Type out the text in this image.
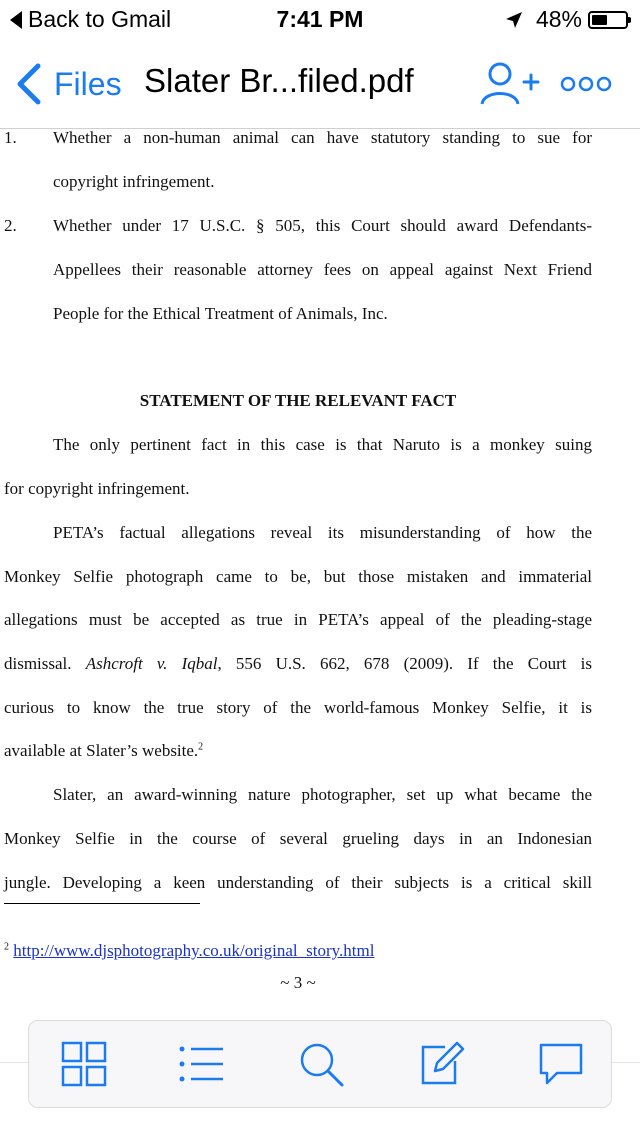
Back to Gmail	7:41 PM	48%
Files Slater Br...filed.pdf
1. Whether a non-human animal can have statutory standing to sue for
copyright infringement.
2. Whether under 17 U.S.C. § 505, this Court should award Defendants-
Appellees their reasonable attorney fees on appeal against Next Friend
People for the Ethical Treatment of Animals, Inc.
STATEMENT OF THE RELEVANT FACT
The only pertinent fact in this case is that Naruto is a monkey suing
for copyright infringement.
PETA’s factual allegations reveal its misunderstanding of how the
Monkey Selfie photograph came to be, but those mistaken and immaterial
allegations must be accepted as true in PETA’s appeal of the pleading-stage
dismissal. Ashcroft v. Iqbal, 556 U.S. 662, 678 (2009). If the Court is
curious to know the true story of the world-famous Monkey Selfie, it is
available at Slater’s website.$^2$
Slater, an award-winning nature photographer, set up what became the
Monkey Selfie in the course of several grueling days in an Indonesian
jungle. Developing a keen understanding of their subjects is a critical skill
$^2$ http://www.djsphotography.co.uk/original_story.html
~ 3 ~
